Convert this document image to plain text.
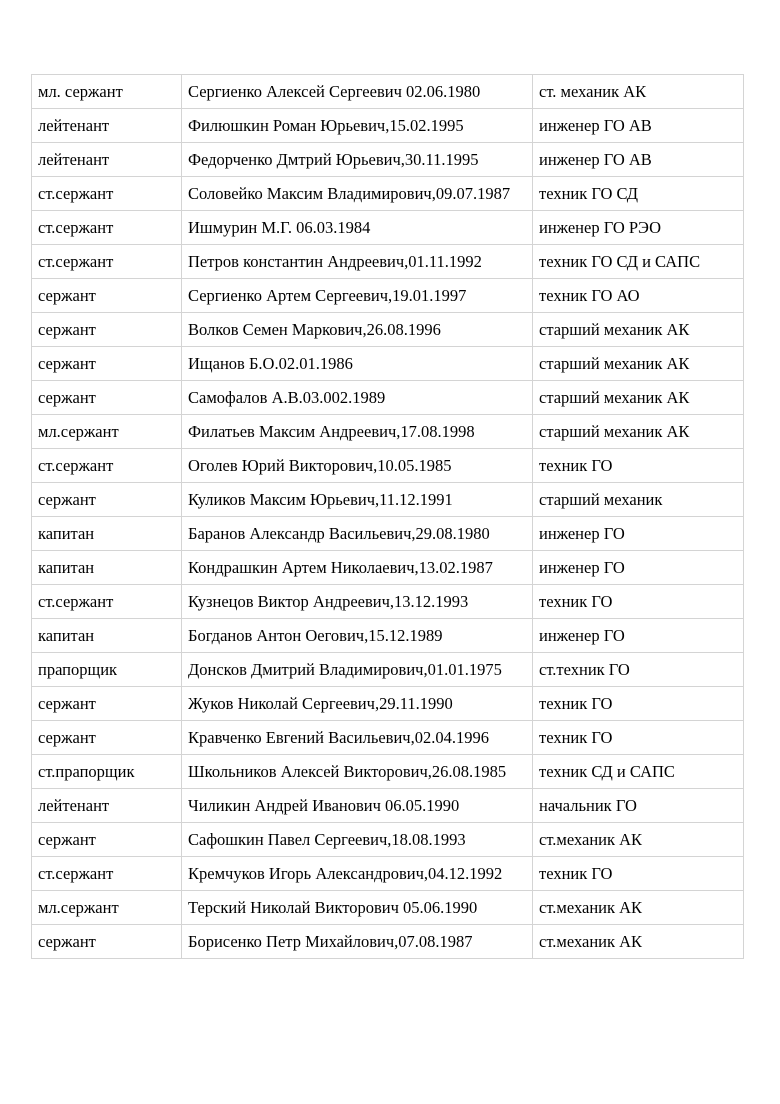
мл. сержант	Сергиенко Алексей Сергеевич 02.06.1980	ст. механик АК
лейтенант	Филюшкин Роман Юрьевич,15.02.1995	инженер ГО АВ
лейтенант	Федорченко Дмтрий Юрьевич,30.11.1995	инженер ГО АВ
ст.сержант	Соловейко Максим Владимирович,09.07.1987	техник ГО СД
ст.сержант	Ишмурин М.Г. 06.03.1984	инженер ГО РЭО
ст.сержант	Петров константин Андреевич,01.11.1992	техник ГО СД и САПС
сержант	Сергиенко Артем Сергеевич,19.01.1997	техник ГО АО
сержант	Волков Семен Маркович,26.08.1996	старший механик АК
сержант	Ищанов Б.О.02.01.1986	старший механик АК
сержант	Самофалов А.В.03.002.1989	старший механик АК
мл.сержант	Филатьев Максим Андреевич,17.08.1998	старший механик АК
ст.сержант	Оголев Юрий Викторович,10.05.1985	техник ГО
сержант	Куликов Максим Юрьевич,11.12.1991	старший механик
капитан	Баранов Александр Васильевич,29.08.1980	инженер ГО
капитан	Кондрашкин Артем Николаевич,13.02.1987	инженер ГО
ст.сержант	Кузнецов Виктор Андреевич,13.12.1993	техник ГО
капитан	Богданов Антон Оегович,15.12.1989	инженер ГО
прапорщик	Донсков Дмитрий Владимирович,01.01.1975	ст.техник ГО
сержант	Жуков Николай Сергеевич,29.11.1990	техник ГО
сержант	Кравченко Евгений Васильевич,02.04.1996	техник ГО
ст.прапорщик	Школьников Алексей Викторович,26.08.1985	техник СД и САПС
лейтенант	Чиликин Андрей Иванович 06.05.1990	начальник ГО
сержант	Сафошкин Павел Сергеевич,18.08.1993	ст.механик АК
ст.сержант	Кремчуков Игорь Александрович,04.12.1992	техник ГО
мл.сержант	Терский Николай Викторович 05.06.1990	ст.механик АК
сержант	Борисенко Петр Михайлович,07.08.1987	ст.механик АК
